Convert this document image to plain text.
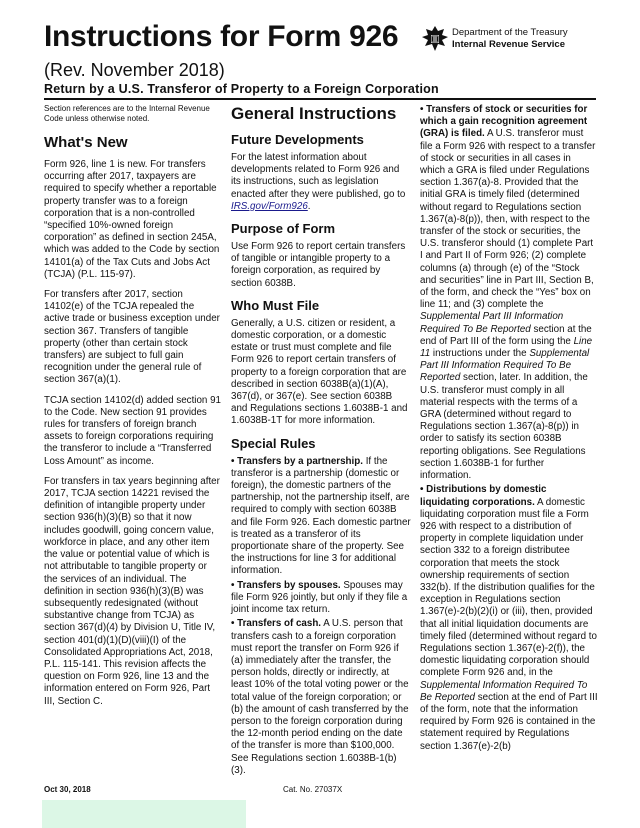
Instructions for Form 926
(Rev. November 2018)
Return by a U.S. Transferor of Property to a Foreign Corporation
Department of the Treasury
Internal Revenue Service

Section references are to the Internal Revenue Code unless otherwise noted.

What's New

Form 926, line 1 is new. For transfers occurring after 2017, taxpayers are required to specify whether a reportable property transfer was to a foreign corporation that is a non-controlled “specified 10%-owned foreign corporation” as defined in section 245A, which was added to the Code by section 14101(a) of the Tax Cuts and Jobs Act (TCJA) (P.L. 115-97).

For transfers after 2017, section 14102(e) of the TCJA repealed the active trade or business exception under section 367. Transfers of tangible property (other than certain stock transfers) are subject to full gain recognition under the general rule of section 367(a)(1).

TCJA section 14102(d) added section 91 to the Code. New section 91 provides rules for transfers of foreign branch assets to foreign corporations requiring the transferor to include a “Transferred Loss Amount” as income.

For transfers in tax years beginning after 2017, TCJA section 14221 revised the definition of intangible property under section 936(h)(3)(B) so that it now includes goodwill, going concern value, workforce in place, and any other item the value or potential value of which is not attributable to tangible property or the services of an individual. The definition in section 936(h)(3)(B) was subsequently redesignated (without substantive change from TCJA) as section 367(d)(4) by Division U, Title IV, section 401(d)(1)(D)(viii)(I) of the Consolidated Appropriations Act, 2018, P.L. 115-141. This revision affects the question on Form 926, line 13 and the information entered on Form 926, Part III, Section C.

General Instructions
Future Developments

For the latest information about developments related to Form 926 and its instructions, such as legislation enacted after they were published, go to IRS.gov/Form926.

Purpose of Form

Use Form 926 to report certain transfers of tangible or intangible property to a foreign corporation, as required by section 6038B.

Who Must File

Generally, a U.S. citizen or resident, a domestic corporation, or a domestic estate or trust must complete and file Form 926 to report certain transfers of property to a foreign corporation that are described in section 6038B(a)(1)(A), 367(d), or 367(e). See section 6038B and Regulations sections 1.6038B-1 and 1.6038B-1T for more information.

Special Rules

• Transfers by a partnership. If the transferor is a partnership (domestic or foreign), the domestic partners of the partnership, not the partnership itself, are required to comply with section 6038B and file Form 926. Each domestic partner is treated as a transferor of its proportionate share of the property. See the instructions for line 3 for additional information.

• Transfers by spouses. Spouses may file Form 926 jointly, but only if they file a joint income tax return.

• Transfers of cash. A U.S. person that transfers cash to a foreign corporation must report the transfer on Form 926 if (a) immediately after the transfer, the person holds, directly or indirectly, at least 10% of the total voting power or the total value of the foreign corporation; or (b) the amount of cash transferred by the person to the foreign corporation during the 12-month period ending on the date of the transfer is more than $100,000. See Regulations section 1.6038B-1(b)(3).

• Transfers of stock or securities for which a gain recognition agreement (GRA) is filed. A U.S. transferor must file a Form 926 with respect to a transfer of stock or securities in all cases in which a GRA is filed under Regulations section 1.367(a)-8. Provided that the initial GRA is timely filed (determined without regard to Regulations section 1.367(a)-8(p)), then, with respect to the transfer of the stock or securities, the U.S. transferor should (1) complete Part I and Part II of Form 926; (2) complete columns (a) through (e) of the “Stock and securities” line in Part III, Section B, of the form, and check the “Yes” box on line 11; and (3) complete the Supplemental Part III Information Required To Be Reported section at the end of Part III of the form using the Line 11 instructions under the Supplemental Part III Information Required To Be Reported section, later. In addition, the U.S. transferor must comply in all material respects with the terms of a GRA (determined without regard to Regulations section 1.367(a)-8(p)) in order to satisfy its section 6038B reporting obligations. See Regulations section 1.6038B-1 for further information.

• Distributions by domestic liquidating corporations. A domestic liquidating corporation must file a Form 926 with respect to a distribution of property in complete liquidation under section 332 to a foreign distributee corporation that meets the stock ownership requirements of section 332(b). If the distribution qualifies for the exception in Regulations section 1.367(e)-2(b)(2)(i) or (iii), then, provided that all initial liquidation documents are timely filed (determined without regard to Regulations section 1.367(e)-2(f)), the domestic liquidating corporation should complete Form 926 and, in the Supplemental Information Required To Be Reported section at the end of Part III of the form, note that the information required by Form 926 is contained in the statement required by Regulations section 1.367(e)-2(b)

Oct 30, 2018	Cat. No. 27037X
